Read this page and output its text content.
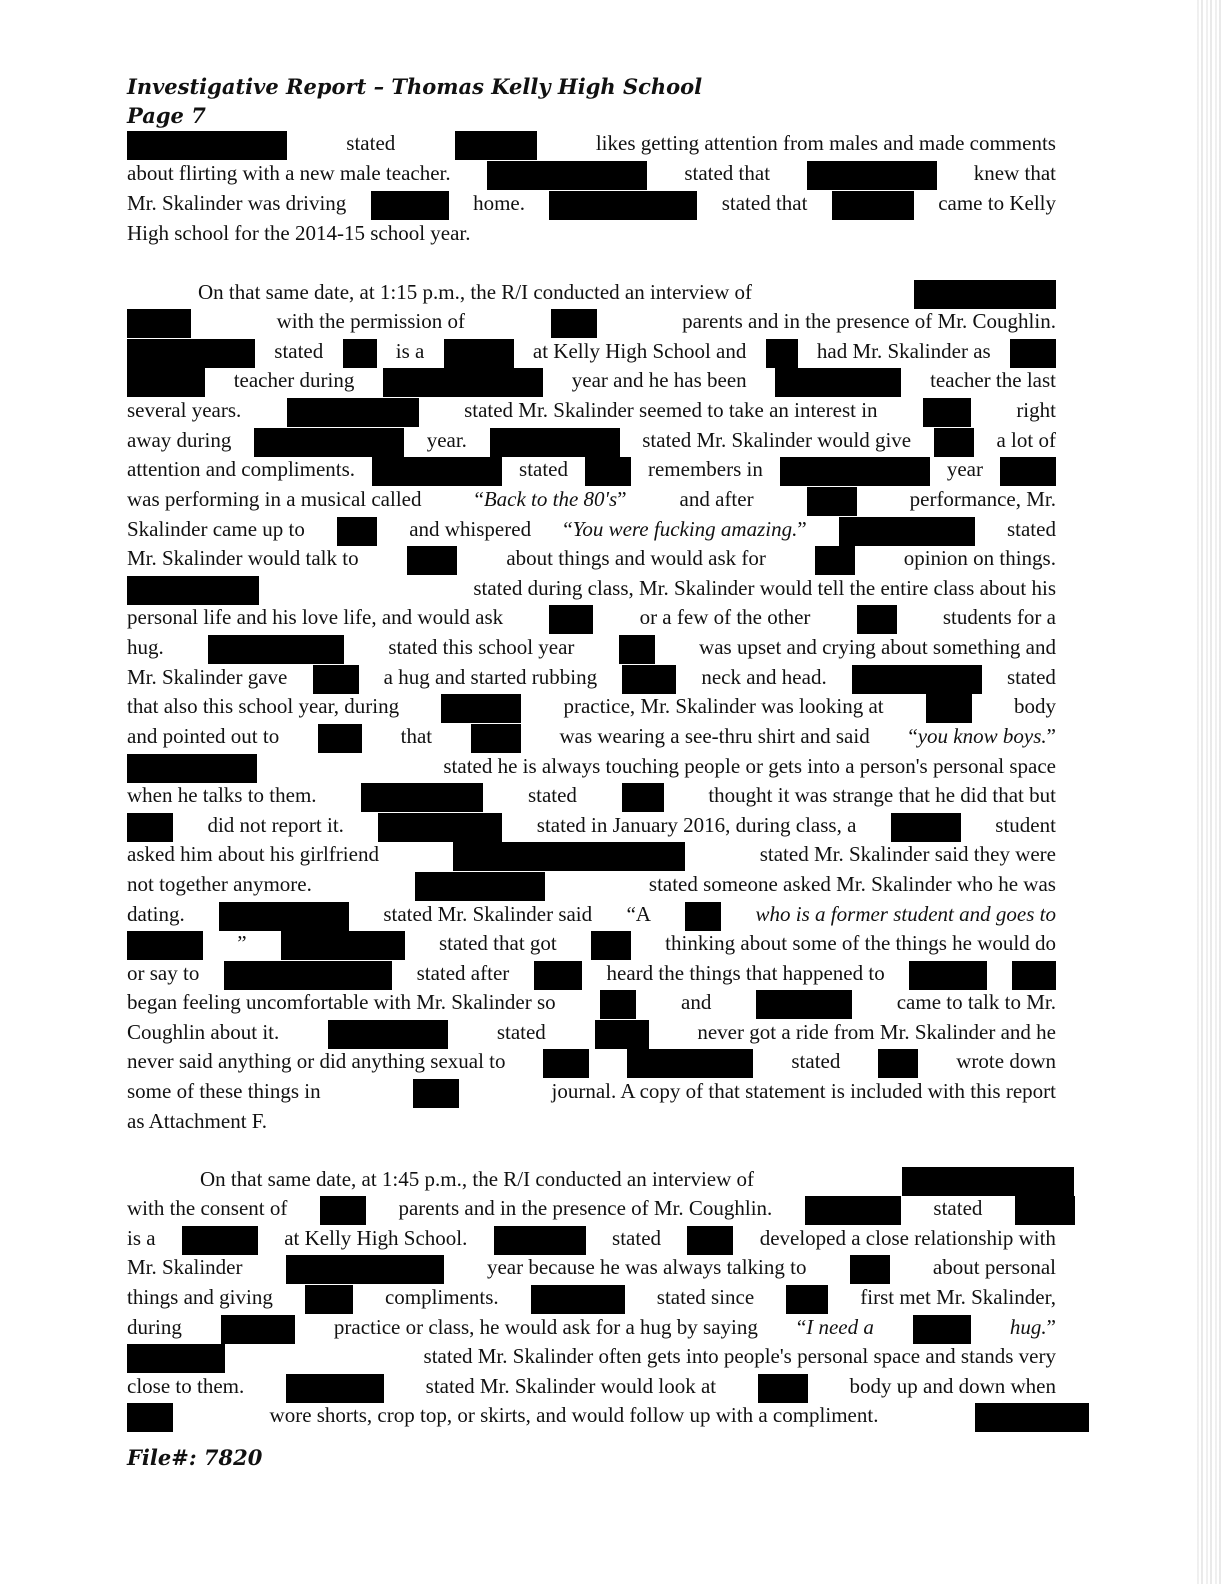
Investigative Report – Thomas Kelly High School
Page 7
stated	likes getting attention from males and made comments
about flirting with a new male teacher.	stated that	knew that
Mr. Skalinder was driving	home.	stated that	came to Kelly
High school for the 2014-15 school year.
On that same date, at 1:15 p.m., the R/I conducted an interview of
with the permission of	parents and in the presence of Mr. Coughlin.
stated	is a	at Kelly High School and	had Mr. Skalinder as
teacher during	year and he has been	teacher the last
several years.	stated Mr. Skalinder seemed to take an interest in	right
away during	year.	stated Mr. Skalinder would give	a lot of
attention and compliments.	stated	remembers in	year
was performing in a musical called	“Back to the 80's”	and after	performance, Mr.
Skalinder came up to	and whispered “You were fucking amazing.”	stated
Mr. Skalinder would talk to	about things and would ask for	opinion on things.
stated during class, Mr. Skalinder would tell the entire class about his
personal life and his love life, and would ask	or a few of the other	students for a
hug.	stated this school year	was upset and crying about something and
Mr. Skalinder gave	a hug and started rubbing	neck and head.	stated
that also this school year, during	practice, Mr. Skalinder was looking at	body
and pointed out to	that	was wearing a see-thru shirt and said “you know boys.”
stated he is always touching people or gets into a person's personal space
when he talks to them.	stated	thought it was strange that he did that but
did not report it.	stated in January 2016, during class, a	student
asked him about his girlfriend	stated Mr. Skalinder said they were
not together anymore.	stated someone asked Mr. Skalinder who he was
dating.	stated Mr. Skalinder said “A	who is a former student and goes to
”	stated that got	thinking about some of the things he would do
or say to	stated after	heard the things that happened to
began feeling uncomfortable with Mr. Skalinder so	and	came to talk to Mr.
Coughlin about it.	stated	never got a ride from Mr. Skalinder and he
never said anything or did anything sexual to	stated	wrote down
some of these things in	journal. A copy of that statement is included with this report
as Attachment F.
On that same date, at 1:45 p.m., the R/I conducted an interview of
with the consent of	parents and in the presence of Mr. Coughlin.	stated
is a	at Kelly High School.	stated	developed a close relationship with
Mr. Skalinder	year because he was always talking to	about personal
things and giving	compliments.	stated since	first met Mr. Skalinder,
during	practice or class, he would ask for a hug by saying “I need a	hug.”
stated Mr. Skalinder often gets into people's personal space and stands very
close to them.	stated Mr. Skalinder would look at	body up and down when
wore shorts, crop top, or skirts, and would follow up with a compliment.
File#: 7820
